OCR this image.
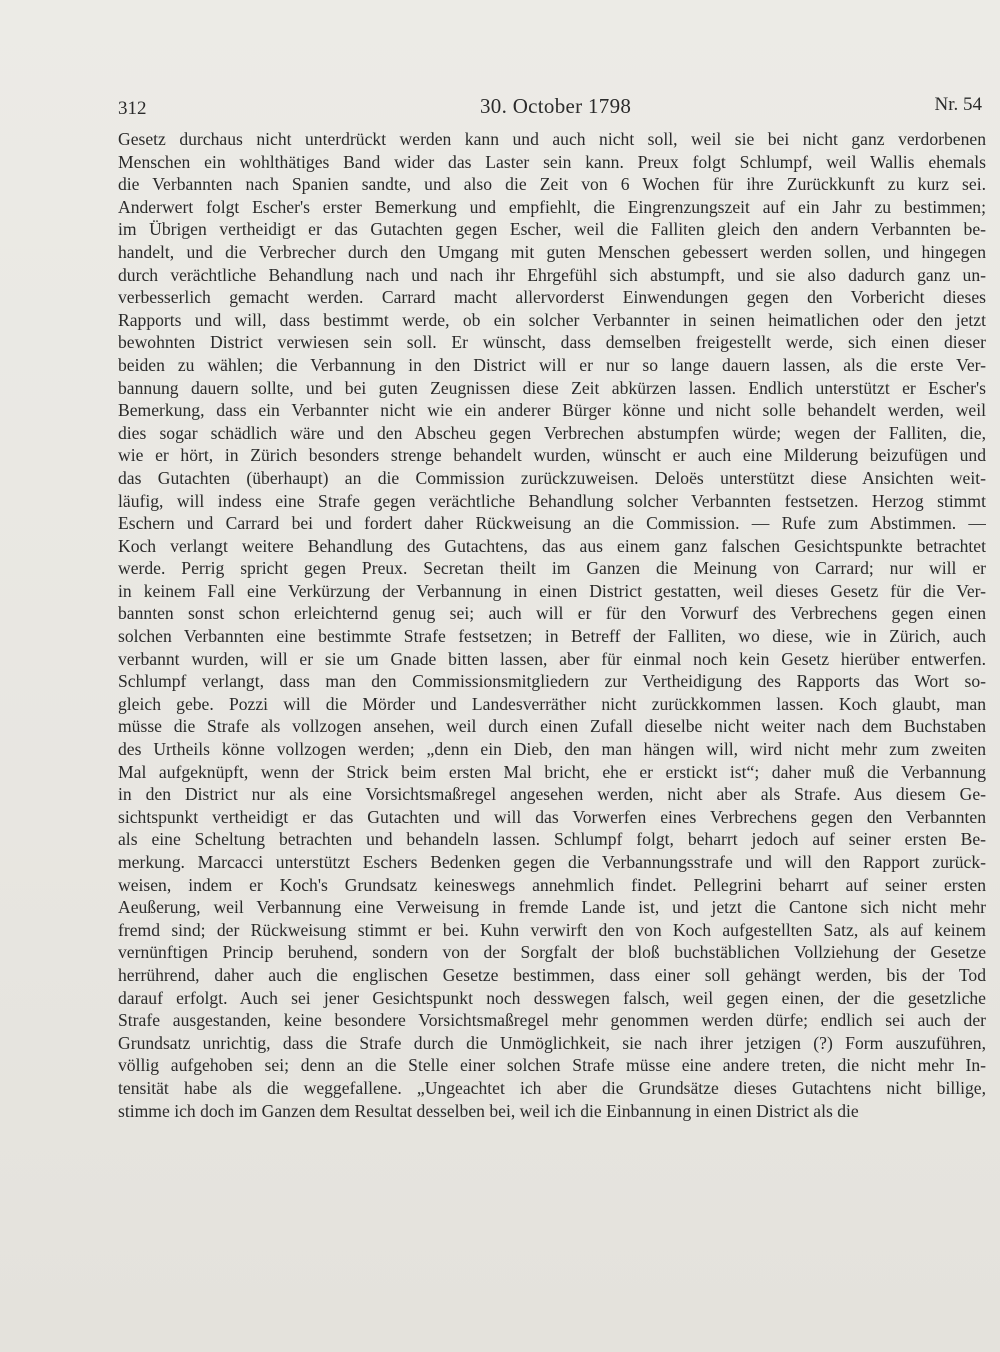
312	30. October 1798	Nr. 54
Gesetz durchaus nicht unterdrückt werden kann und auch nicht soll, weil sie bei nicht ganz verdorbenen
Menschen ein wohlthätiges Band wider das Laster sein kann. Preux folgt Schlumpf, weil Wallis ehemals
die Verbannten nach Spanien sandte, und also die Zeit von 6 Wochen für ihre Zurückkunft zu kurz sei.
Anderwert folgt Escher's erster Bemerkung und empfiehlt, die Eingrenzungszeit auf ein Jahr zu bestimmen;
im Übrigen vertheidigt er das Gutachten gegen Escher, weil die Falliten gleich den andern Verbannten be-
handelt, und die Verbrecher durch den Umgang mit guten Menschen gebessert werden sollen, und hingegen
durch verächtliche Behandlung nach und nach ihr Ehrgefühl sich abstumpft, und sie also dadurch ganz un-
verbesserlich gemacht werden. Carrard macht allervorderst Einwendungen gegen den Vorbericht dieses
Rapports und will, dass bestimmt werde, ob ein solcher Verbannter in seinen heimatlichen oder den jetzt
bewohnten District verwiesen sein soll. Er wünscht, dass demselben freigestellt werde, sich einen dieser
beiden zu wählen; die Verbannung in den District will er nur so lange dauern lassen, als die erste Ver-
bannung dauern sollte, und bei guten Zeugnissen diese Zeit abkürzen lassen. Endlich unterstützt er Escher's
Bemerkung, dass ein Verbannter nicht wie ein anderer Bürger könne und nicht solle behandelt werden, weil
dies sogar schädlich wäre und den Abscheu gegen Verbrechen abstumpfen würde; wegen der Falliten, die,
wie er hört, in Zürich besonders strenge behandelt wurden, wünscht er auch eine Milderung beizufügen und
das Gutachten (überhaupt) an die Commission zurückzuweisen. Deloës unterstützt diese Ansichten weit-
läufig, will indess eine Strafe gegen verächtliche Behandlung solcher Verbannten festsetzen. Herzog stimmt
Eschern und Carrard bei und fordert daher Rückweisung an die Commission. — Rufe zum Abstimmen. —
Koch verlangt weitere Behandlung des Gutachtens, das aus einem ganz falschen Gesichtspunkte betrachtet
werde. Perrig spricht gegen Preux. Secretan theilt im Ganzen die Meinung von Carrard; nur will er
in keinem Fall eine Verkürzung der Verbannung in einen District gestatten, weil dieses Gesetz für die Ver-
bannten sonst schon erleichternd genug sei; auch will er für den Vorwurf des Verbrechens gegen einen
solchen Verbannten eine bestimmte Strafe festsetzen; in Betreff der Falliten, wo diese, wie in Zürich, auch
verbannt wurden, will er sie um Gnade bitten lassen, aber für einmal noch kein Gesetz hierüber entwerfen.
Schlumpf verlangt, dass man den Commissionsmitgliedern zur Vertheidigung des Rapports das Wort so-
gleich gebe. Pozzi will die Mörder und Landesverräther nicht zurückkommen lassen. Koch glaubt, man
müsse die Strafe als vollzogen ansehen, weil durch einen Zufall dieselbe nicht weiter nach dem Buchstaben
des Urtheils könne vollzogen werden; „denn ein Dieb, den man hängen will, wird nicht mehr zum zweiten
Mal aufgeknüpft, wenn der Strick beim ersten Mal bricht, ehe er erstickt ist“; daher muß die Verbannung
in den District nur als eine Vorsichtsmaßregel angesehen werden, nicht aber als Strafe. Aus diesem Ge-
sichtspunkt vertheidigt er das Gutachten und will das Vorwerfen eines Verbrechens gegen den Verbannten
als eine Scheltung betrachten und behandeln lassen. Schlumpf folgt, beharrt jedoch auf seiner ersten Be-
merkung. Marcacci unterstützt Eschers Bedenken gegen die Verbannungsstrafe und will den Rapport zurück-
weisen, indem er Koch's Grundsatz keineswegs annehmlich findet. Pellegrini beharrt auf seiner ersten
Aeußerung, weil Verbannung eine Verweisung in fremde Lande ist, und jetzt die Cantone sich nicht mehr
fremd sind; der Rückweisung stimmt er bei. Kuhn verwirft den von Koch aufgestellten Satz, als auf keinem
vernünftigen Princip beruhend, sondern von der Sorgfalt der bloß buchstäblichen Vollziehung der Gesetze
herrührend, daher auch die englischen Gesetze bestimmen, dass einer soll gehängt werden, bis der Tod
darauf erfolgt. Auch sei jener Gesichtspunkt noch desswegen falsch, weil gegen einen, der die gesetzliche
Strafe ausgestanden, keine besondere Vorsichtsmaßregel mehr genommen werden dürfe; endlich sei auch der
Grundsatz unrichtig, dass die Strafe durch die Unmöglichkeit, sie nach ihrer jetzigen (?) Form auszuführen,
völlig aufgehoben sei; denn an die Stelle einer solchen Strafe müsse eine andere treten, die nicht mehr In-
tensität habe als die weggefallene. „Ungeachtet ich aber die Grundsätze dieses Gutachtens nicht billige,
stimme ich doch im Ganzen dem Resultat desselben bei, weil ich die Einbannung in einen District als die
